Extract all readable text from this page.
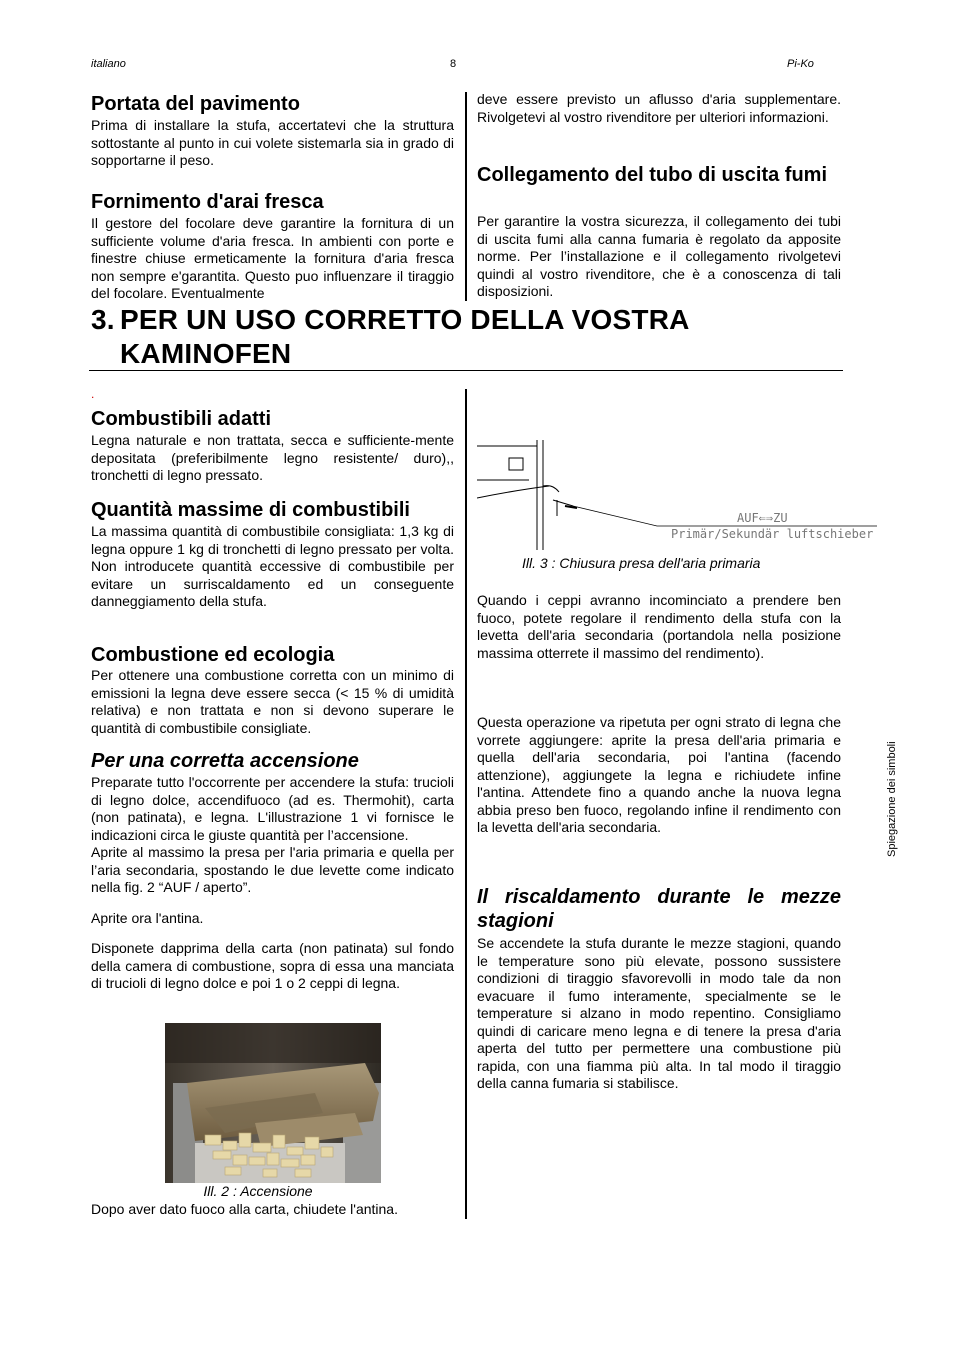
italiano	8	Pi-Ko
Portata del pavimento
Prima di installare la stufa, accertatevi che la struttura sottostante al punto in cui volete sistemarla sia in grado di sopportarne il peso.
Fornimento d'arai fresca
Il gestore del focolare deve garantire la fornitura di un sufficiente volume d'aria fresca. In ambienti con porte e finestre chiuse ermeticamente la fornitura d'aria fresca non sempre e'garantita. Questo puo influenzare il tiraggio del focolare. Eventualmente
deve essere previsto un aflusso d'aria supplementare. Rivolgetevi al vostro rivenditore per ulteriori informazioni.
Collegamento del tubo di uscita fumi
Per garantire la vostra sicurezza, il collegamento dei tubi di uscita fumi alla canna fumaria è regolato da apposite norme. Per l’installazione e il collegamento rivolgetevi quindi al vostro rivenditore, che è a conoscenza di tali disposizioni.
3. PER UN USO CORRETTO DELLA VOSTRA
KAMINOFEN
.
Combustibili adatti
Legna naturale e non trattata, secca e sufficiente-mente depositata (preferibilmente legno resistente/ duro),, tronchetti di legno pressato.
Quantità massime di combustibili
La massima quantità di combustibile consigliata: 1,3 kg di legna oppure 1 kg di tronchetti di legno pressato per volta. Non introducete quantità eccessive di combustibile per evitare un surriscaldamento ed un conseguente danneggiamento della stufa.
Combustione ed ecologia
Per ottenere una combustione corretta con un minimo di emissioni la legna deve essere secca (< 15 % di umidità relativa) e non trattata e non si devono superare le quantità di combustibile consigliate.
Per una corretta accensione

Preparate tutto l'occorrente per accendere la stufa: trucioli di legno dolce, accendifuoco (ad es. Thermohit), carta (non patinata), e legna. L'illustrazione 1 vi fornisce le indicazioni circa le giuste quantità per l’accensione.

Aprite al massimo la presa per l'aria primaria e quella per l’aria secondaria, spostando le due levette come indicato nella fig. 2 “AUF / aperto”.

Aprite ora l'antina.

Disponete dapprima della carta (non patinata) sul fondo della camera di combustione, sopra di essa una manciata di trucioli di legno dolce e poi 1 o 2 ceppi di legna.

Ill. 2 : Accensione
Dopo aver dato fuoco alla carta, chiudete l'antina.
AUF⇐⇒ZU
Primär/Sekundär luftschieber
Ill. 3 : Chiusura presa dell'aria primaria
Quando i ceppi avranno incominciato a prendere ben fuoco, potete regolare il rendimento della stufa con la levetta dell'aria secondaria (portandola nella posizione massima otterrete il massimo del rendimento).
Questa operazione va ripetuta per ogni strato di legna che vorrete aggiungere: aprite la presa dell'aria primaria e quella dell'aria secondaria, poi l'antina (facendo attenzione), aggiungete la legna e richiudete infine l'antina. Attendete fino a quando anche la nuova legna abbia preso ben fuoco, regolando infine il rendimento con la levetta dell'aria secondaria.
Il riscaldamento durante le mezze stagioni
Se accendete la stufa durante le mezze stagioni, quando le temperature sono più elevate, possono sussistere condizioni di tiraggio sfavorevolli in modo tale da non evacuare il fumo interamente, specialmente se le temperature si alzano in modo repentino. Consigliamo quindi di caricare meno legna e di tenere la presa d'aria aperta del tutto per permettere una combustione più rapida, con una fiamma più alta. In tal modo il tiraggio della canna fumaria si stabilisce.
Spiegazione dei simboli
